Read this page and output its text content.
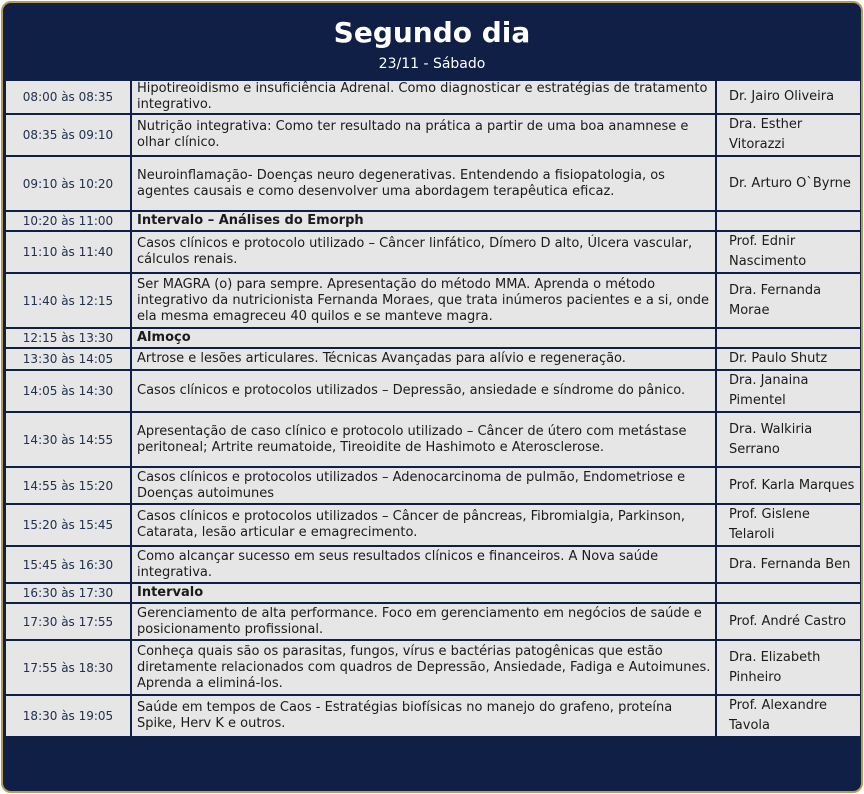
Segundo dia
23/11 - Sábado
08:00 às 08:35	Hipotireoidismo e insuficiência Adrenal. Como diagnosticar e estratégias de tratamento integrativo.	Dr. Jairo Oliveira
08:35 às 09:10	Nutrição integrativa: Como ter resultado na prática a partir de uma boa anamnese e olhar clínico.	Dra. Esther Vitorazzi
09:10 às 10:20	Neuroinflamação- Doenças neuro degenerativas. Entendendo a fisiopatologia, os agentes causais e como desenvolver uma abordagem terapêutica eficaz.	Dr. Arturo O`Byrne
10:20 às 11:00	Intervalo – Análises do Emorph	
11:10 às 11:40	Casos clínicos e protocolo utilizado – Câncer linfático, Dímero D alto, Úlcera vascular, cálculos renais.	Prof. Ednir Nascimento
11:40 às 12:15	Ser MAGRA (o) para sempre. Apresentação do método MMA. Aprenda o método integrativo da nutricionista Fernanda Moraes, que trata inúmeros pacientes e a si, onde ela mesma emagreceu 40 quilos e se manteve magra.	Dra. Fernanda Morae
12:15 às 13:30	Almoço	
13:30 às 14:05	Artrose e lesões articulares. Técnicas Avançadas para alívio e regeneração.	Dr. Paulo Shutz
14:05 às 14:30	Casos clínicos e protocolos utilizados – Depressão, ansiedade e síndrome do pânico.	Dra. Janaina Pimentel
14:30 às 14:55	Apresentação de caso clínico e protocolo utilizado – Câncer de útero com metástase peritoneal; Artrite reumatoide, Tireoidite de Hashimoto e Aterosclerose.	Dra. Walkiria Serrano
14:55 às 15:20	Casos clínicos e protocolos utilizados – Adenocarcinoma de pulmão, Endometriose e Doenças autoimunes	Prof. Karla Marques
15:20 às 15:45	Casos clínicos e protocolos utilizados – Câncer de pâncreas, Fibromialgia, Parkinson, Catarata, lesão articular e emagrecimento.	Prof. Gislene Telaroli
15:45 às 16:30	Como alcançar sucesso em seus resultados clínicos e financeiros. A Nova saúde integrativa.	Dra. Fernanda Ben
16:30 às 17:30	Intervalo	
17:30 às 17:55	Gerenciamento de alta performance. Foco em gerenciamento em negócios de saúde e posicionamento profissional.	Prof. André Castro
17:55 às 18:30	Conheça quais são os parasitas, fungos, vírus e bactérias patogênicas que estão diretamente relacionados com quadros de Depressão, Ansiedade, Fadiga e Autoimunes. Aprenda a eliminá-los.	Dra. Elizabeth Pinheiro
18:30 às 19:05	Saúde em tempos de Caos - Estratégias biofísicas no manejo do grafeno, proteína Spike, Herv K e outros.	Prof. Alexandre Tavola
